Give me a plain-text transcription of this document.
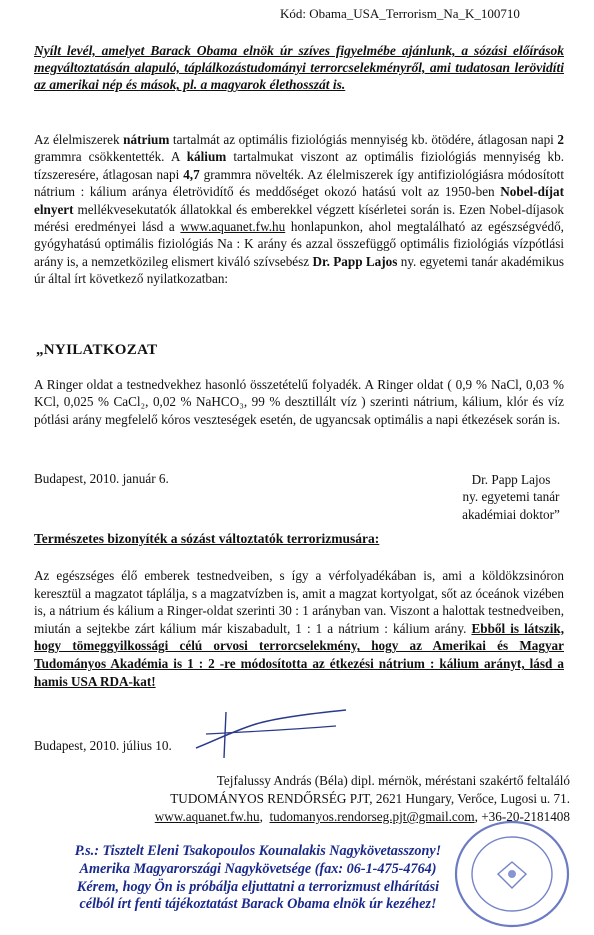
Kód: Obama_USA_Terrorism_Na_K_100710
Nyílt levél, amelyet Barack Obama elnök úr szíves figyelmébe ajánlunk, a sózási előírások megváltoztatásán alapuló, táplálkozástudományi terrorcselekményről, ami tudatosan lerövidíti az amerikai nép és mások, pl. a magyarok élethosszát is.
Az élelmiszerek nátrium tartalmát az optimális fiziológiás mennyiség kb. ötödére, átlagosan napi 2 grammra csökkentették. A kálium tartalmukat viszont az optimális fiziológiás mennyiség kb. tízszeresére, átlagosan napi 4,7 grammra növelték. Az élelmiszerek így antifiziológiásra módosított nátrium : kálium aránya életrövidítő és meddőséget okozó hatású volt az 1950-ben Nobel-díjat elnyert mellékvesekutatók állatokkal és emberekkel végzett kísérletei során is. Ezen Nobel-díjasok mérési eredményei lásd a www.aquanet.fw.hu honlapunkon, ahol megtalálható az egészségvédő, gyógyhatású optimális fiziológiás Na : K arány és azzal összefüggő optimális fiziológiás vízpótlási arány is, a nemzetközileg elismert kiváló szívsebész Dr. Papp Lajos ny. egyetemi tanár akadémikus úr által írt következő nyilatkozatban:
„NYILATKOZAT
A Ringer oldat a testnedvekhez hasonló összetételű folyadék. A Ringer oldat ( 0,9 % NaCl, 0,03 % KCl, 0,025 % CaCl₂, 0,02 % NaHCO₃, 99 % desztillált víz ) szerinti nátrium, kálium, klór és víz pótlási arány megfelelő kóros veszteségek esetén, de ugyancsak optimális a napi étkezések során is.
Budapest, 2010. január 6.	Dr. Papp Lajos
ny. egyetemi tanár
akadémiai doktor”
Természetes bizonyíték a sózást változtatók terrorizmusára:
Az egészséges élő emberek testnedveiben, s így a vérfolyadékában is, ami a köldökzsinóron keresztül a magzatot táplálja, s a magzatvízben is, amit a magzat kortyolgat, sőt az óceánok vizében is, a nátrium és kálium a Ringer-oldat szerinti 30 : 1 arányban van. Viszont a halottak testnedveiben, miután a sejtekbe zárt kálium már kiszabadult, 1 : 1 a nátrium : kálium arány. Ebből is látszik, hogy tömeggyilkossági célú orvosi terrorcselekmény, hogy az Amerikai és Magyar Tudományos Akadémia is 1 : 2 -re módosította az étkezési nátrium : kálium arányt, lásd a hamis USA RDA-kat!
Budapest, 2010. július 10.
Tejfalussy András (Béla) dipl. mérnök, méréstani szakértő feltaláló
TUDOMÁNYOS RENDŐRSÉG PJT, 2621 Hungary, Verőce, Lugosi u. 71.
www.aquanet.fw.hu,  tudomanyos.rendorseg.pjt@gmail.com, +36-20-2181408
P.s.: Tisztelt Eleni Tsakopoulos Kounalakis Nagykövetasszony!
Amerika Magyarországi Nagykövetsége (fax: 06-1-475-4764)
Kérem, hogy Ön is próbálja eljuttatni a terrorizmust elhárítási
célból írt fenti tájékoztatást Barack Obama elnök úr kezéhez!
